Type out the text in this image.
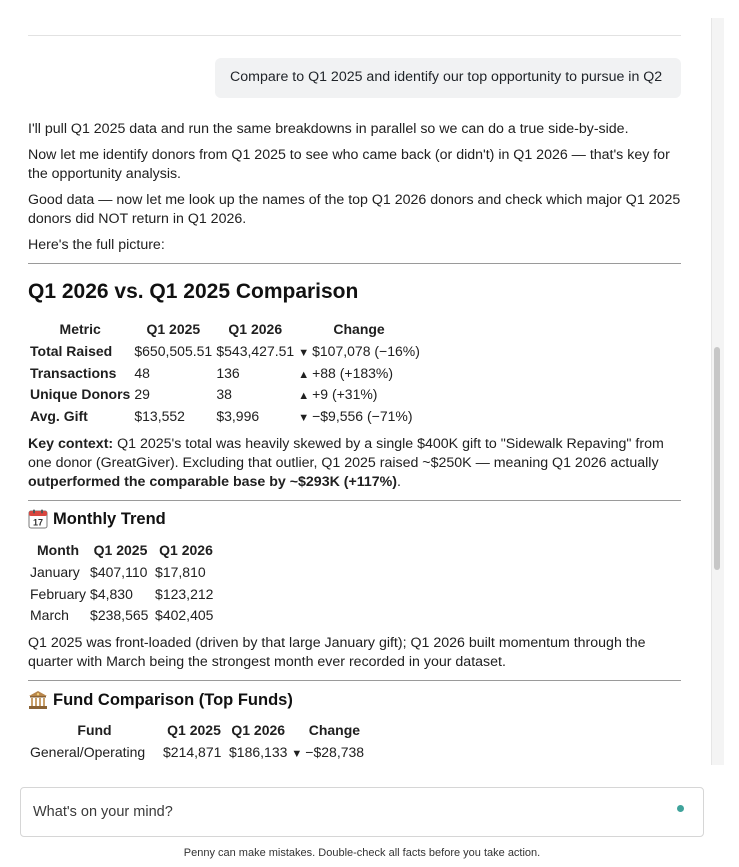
Compare to Q1 2025 and identify our top opportunity to pursue in Q2
I'll pull Q1 2025 data and run the same breakdowns in parallel so we can do a true side-by-side.
Now let me identify donors from Q1 2025 to see who came back (or didn't) in Q1 2026 — that's key for the opportunity analysis.
Good data — now let me look up the names of the top Q1 2026 donors and check which major Q1 2025 donors did NOT return in Q1 2026.
Here's the full picture:
Q1 2026 vs. Q1 2025 Comparison
Metric	Q1 2025	Q1 2026	Change
Total Raised	$650,505.51	$543,427.51	▼ $107,078 (−16%)
Transactions	48	136	▲ +88 (+183%)
Unique Donors	29	38	▲ +9 (+31%)
Avg. Gift	$13,552	$3,996	▼ −$9,556 (−71%)
Key context: Q1 2025's total was heavily skewed by a single $400K gift to "Sidewalk Repaving" from one donor (GreatGiver). Excluding that outlier, Q1 2025 raised ~$250K — meaning Q1 2026 actually outperformed the comparable base by ~$293K (+117%).
17 Monthly Trend
Month	Q1 2025	Q1 2026
January	$407,110	$17,810
February	$4,830	$123,212
March	$238,565	$402,405
Q1 2025 was front-loaded (driven by that large January gift); Q1 2026 built momentum through the quarter with March being the strongest month ever recorded in your dataset.
Fund Comparison (Top Funds)
Fund	Q1 2025	Q1 2026	Change
General/Operating	$214,871	$186,133	▼ −$28,738
What's on your mind?
Penny can make mistakes. Double-check all facts before you take action.
